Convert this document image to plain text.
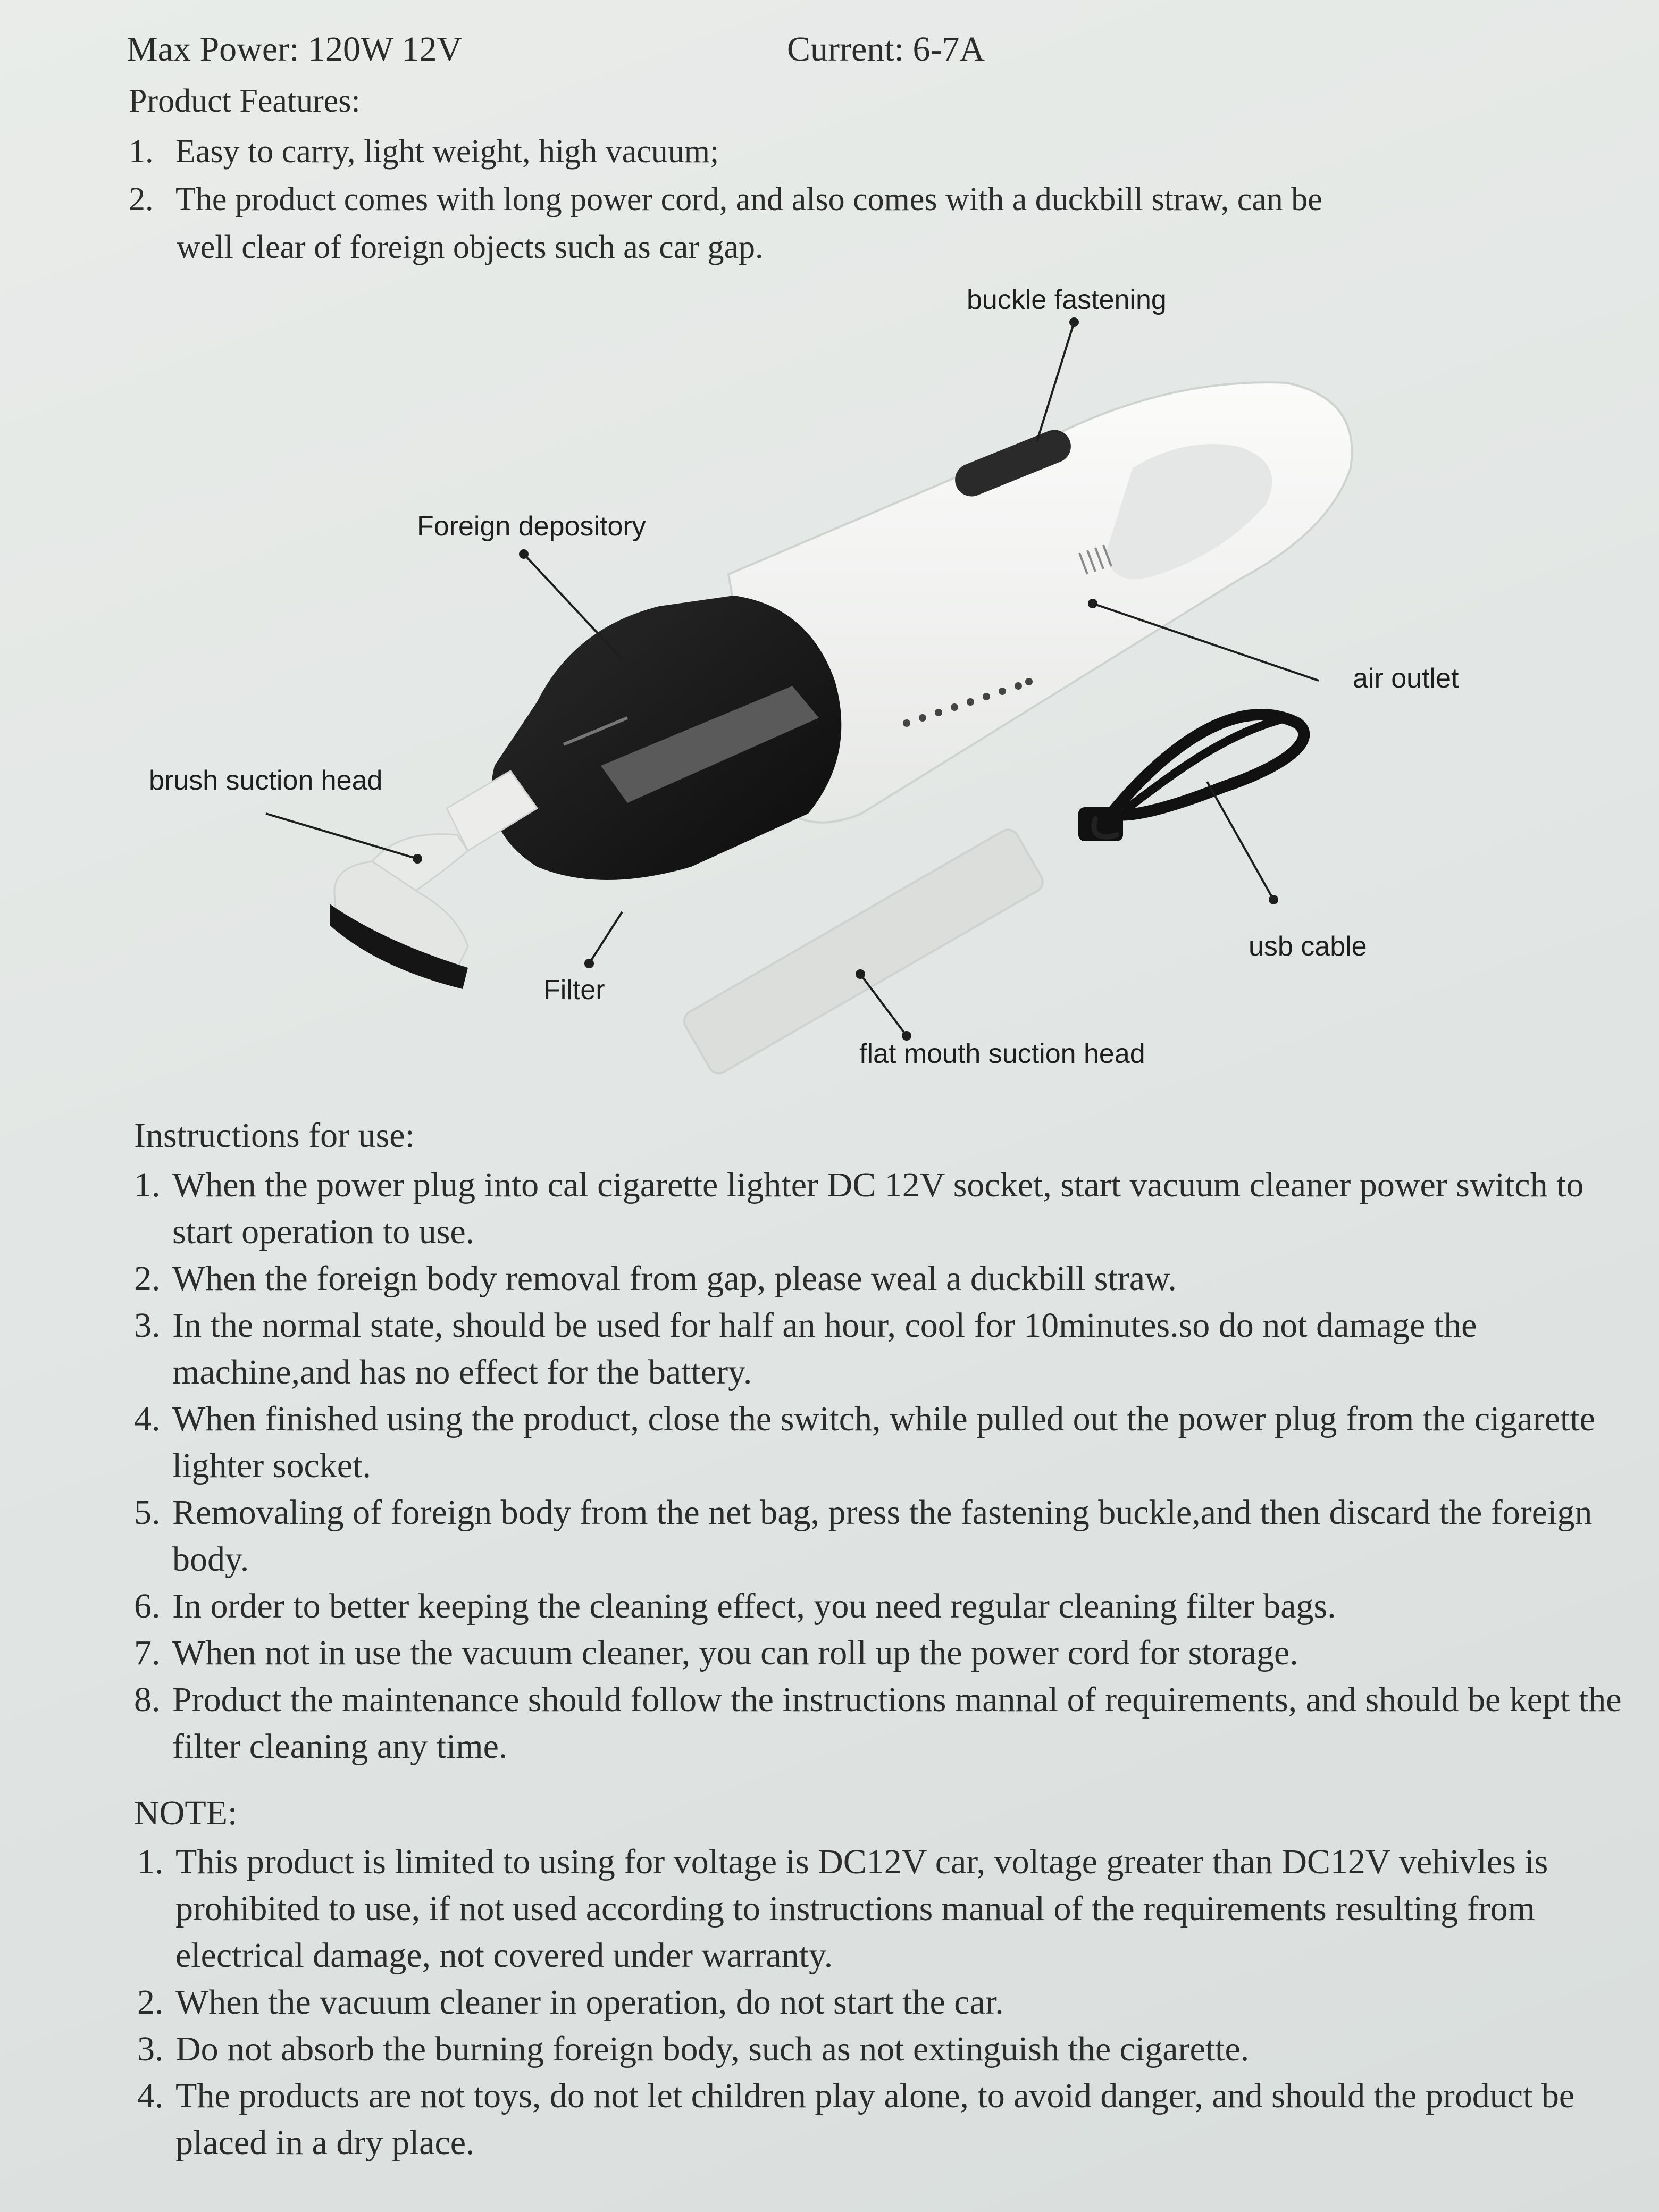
Max Power: 120W 12V	Current: 6-7A
Product Features:
1. Easy to carry, light weight, high vacuum;
2. The product comes with long power cord, and also comes with a duckbill straw, can be
well clear of foreign objects such as car gap.
buckle fastening
Foreign depository
air outlet
brush suction head
usb cable
Filter
flat mouth suction head
Instructions for use:
1. When the power plug into cal cigarette lighter DC 12V socket, start vacuum cleaner power switch to start operation to use.
2. When the foreign body removal from gap, please weal a duckbill straw.
3. In the normal state, should be used for half an hour, cool for 10minutes.so do not damage the machine,and has no effect for the battery.
4. When finished using the product, close the switch, while pulled out the power plug from the cigarette lighter socket.
5. Removaling of foreign body from the net bag, press the fastening buckle,and then discard the foreign body.
6. In order to better keeping the cleaning effect, you need regular cleaning filter bags.
7. When not in use the vacuum cleaner, you can roll up the power cord for storage.
8. Product the maintenance should follow the instructions mannal of requirements, and should be kept the filter cleaning any time.
NOTE:
1. This product is limited to using for voltage is DC12V car, voltage greater than DC12V vehivles is prohibited to use, if not used according to instructions manual of the requirements resulting from electrical damage, not covered under warranty.
2. When the vacuum cleaner in operation, do not start the car.
3. Do not absorb the burning foreign body, such as not extinguish the cigarette.
4. The products are not toys, do not let children play alone, to avoid danger, and should the product be placed in a dry place.
